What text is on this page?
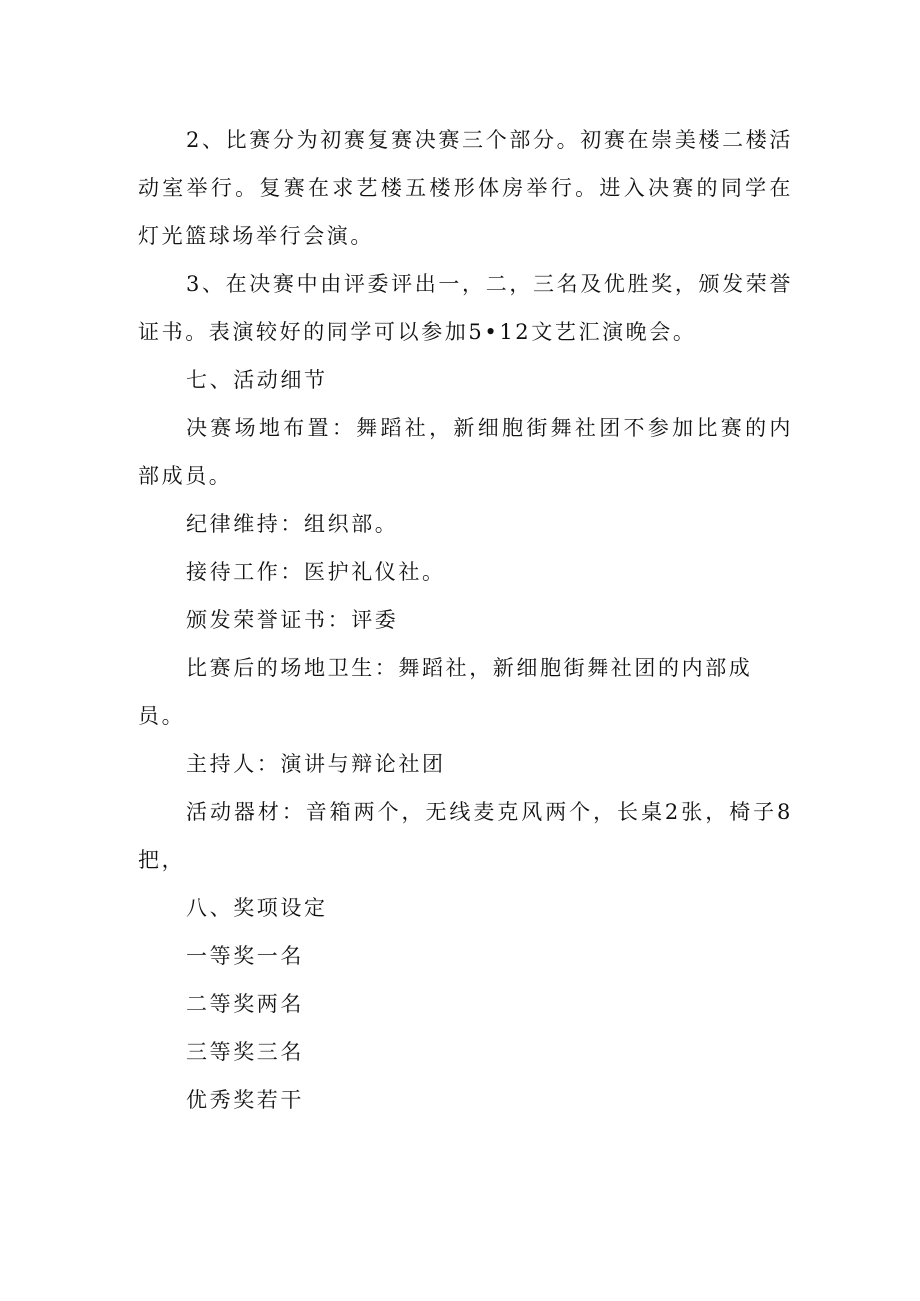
2、比赛分为初赛复赛决赛三个部分。初赛在崇美楼二楼活动室举行。复赛在求艺楼五楼形体房举行。进入决赛的同学在灯光篮球场举行会演。

3、在决赛中由评委评出一，二，三名及优胜奖，颁发荣誉证书。表演较好的同学可以参加5•12文艺汇演晚会。

七、活动细节

决赛场地布置：舞蹈社，新细胞街舞社团不参加比赛的内部成员。

纪律维持：组织部。

接待工作：医护礼仪社。

颁发荣誉证书：评委

比赛后的场地卫生：舞蹈社，新细胞街舞社团的内部成员。

主持人：演讲与辩论社团

活动器材：音箱两个，无线麦克风两个，长桌2张，椅子8把，

八、奖项设定

一等奖一名

二等奖两名

三等奖三名

优秀奖若干
